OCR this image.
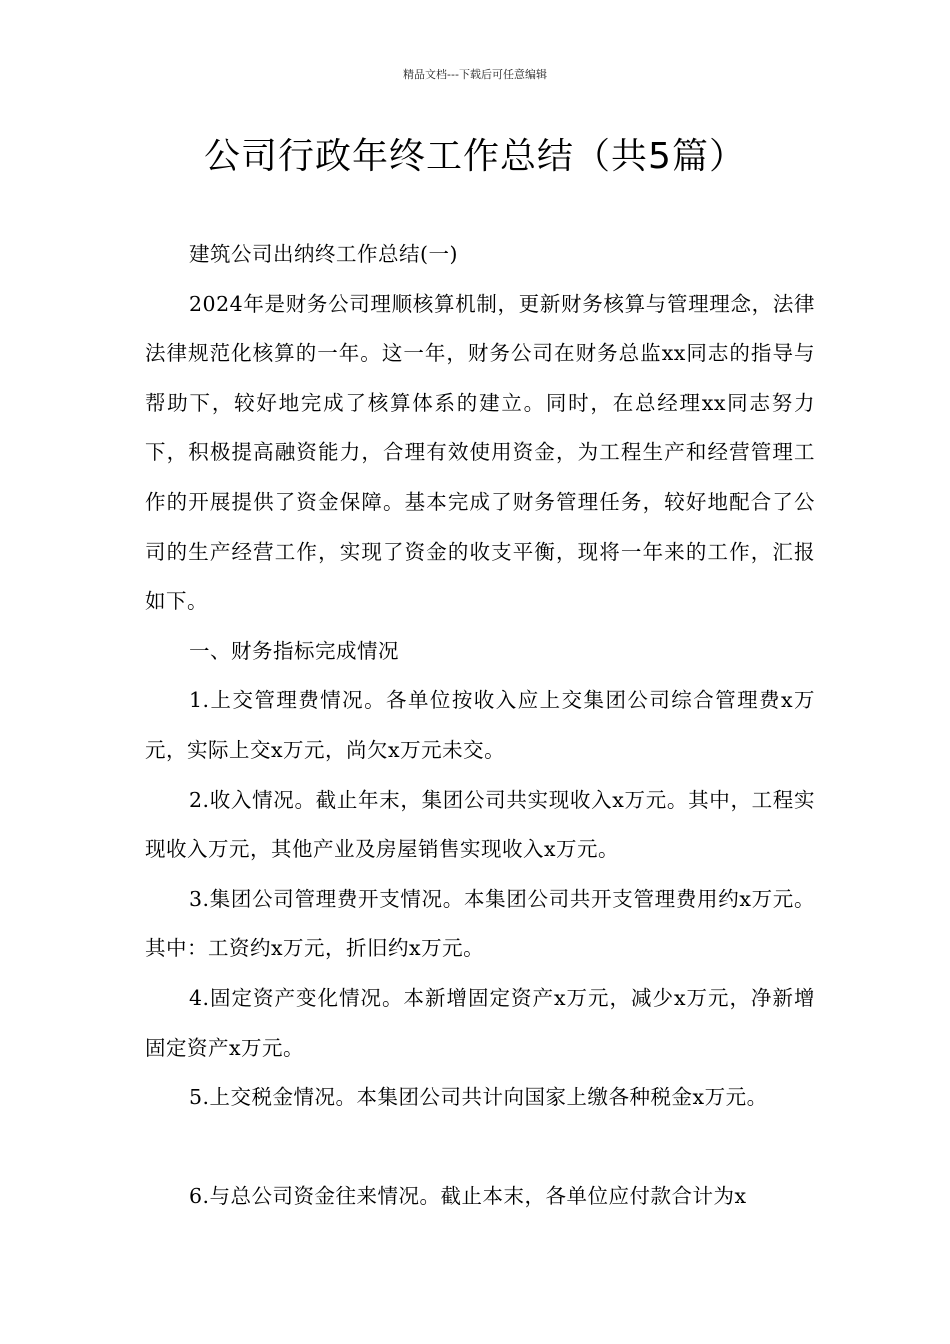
精品文档---下载后可任意编辑
公司行政年终工作总结（共5篇）

建筑公司出纳终工作总结(一)

2024年是财务公司理顺核算机制，更新财务核算与管理理念，法律法律规范化核算的一年。这一年，财务公司在财务总监xx同志的指导与帮助下，较好地完成了核算体系的建立。同时，在总经理xx同志努力下，积极提高融资能力，合理有效使用资金，为工程生产和经营管理工作的开展提供了资金保障。基本完成了财务管理任务，较好地配合了公司的生产经营工作，实现了资金的收支平衡，现将一年来的工作，汇报如下。

一、财务指标完成情况

1.上交管理费情况。各单位按收入应上交集团公司综合管理费x万元，实际上交x万元，尚欠x万元未交。

2.收入情况。截止年末，集团公司共实现收入x万元。其中，工程实现收入万元，其他产业及房屋销售实现收入x万元。

3.集团公司管理费开支情况。本集团公司共开支管理费用约x万元。其中：工资约x万元，折旧约x万元。

4.固定资产变化情况。本新增固定资产x万元，减少x万元，净新增固定资产x万元。

5.上交税金情况。本集团公司共计向国家上缴各种税金x万元。

6.与总公司资金往来情况。截止本末，各单位应付款合计为x
